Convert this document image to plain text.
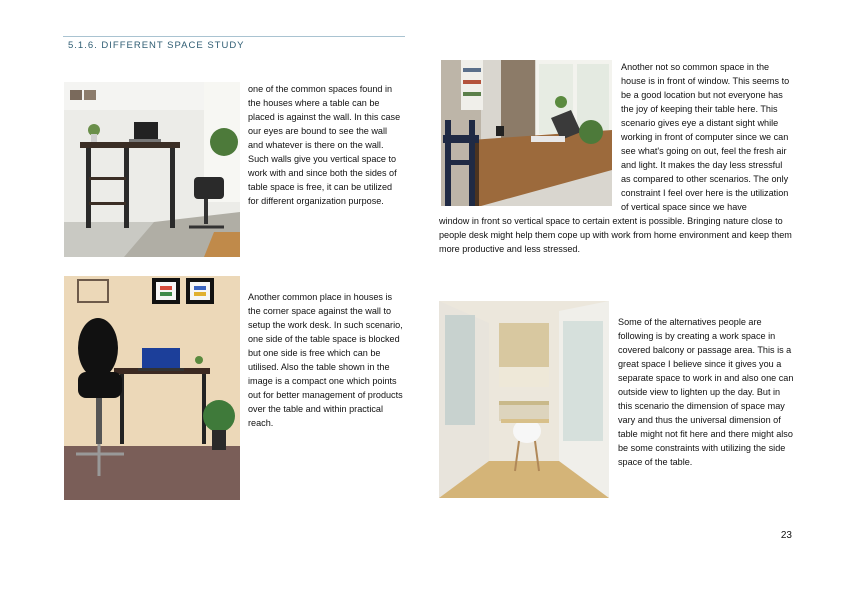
5.1.6. DIFFERENT SPACE STUDY
one of the common spaces found in the houses where a table can be placed is against the wall. In this case our eyes are bound to see the wall and whatever is there on the wall. Such walls give you vertical space to work with and since both the sides of table space is free, it can be utilized for different organization purpose.
Another not so common space in the house is in front of window. This seems to be a good location but not everyone has the joy of keeping their table here. This scenario gives eye a distant sight while working in front of computer since we can see what's going on out, feel the fresh air and light. It makes the day less stressful as compared to other scenarios. The only constraint I feel over here is the utilization of vertical space since we have
window in front so vertical space to certain extent is possible. Bringing nature close to people desk might help them cope up with work from home environment and keep them more productive and less stressed.
Another common place in houses is the corner space against the wall to setup the work desk. In such scenario, one side of the table space is blocked but one side is free which can be utilised. Also the table shown in the image is a compact one which points out for better management of products over the table and within practical reach.
Some of the alternatives people are following is by creating a work space in covered balcony or passage area. This is a great space I believe since it gives you a separate space to work in and also one can outside view to lighten up the day. But in this scenario the dimension of space may vary and thus the universal dimension of table might not fit here and there might also be some constraints with utilizing the side space of the table.
23
